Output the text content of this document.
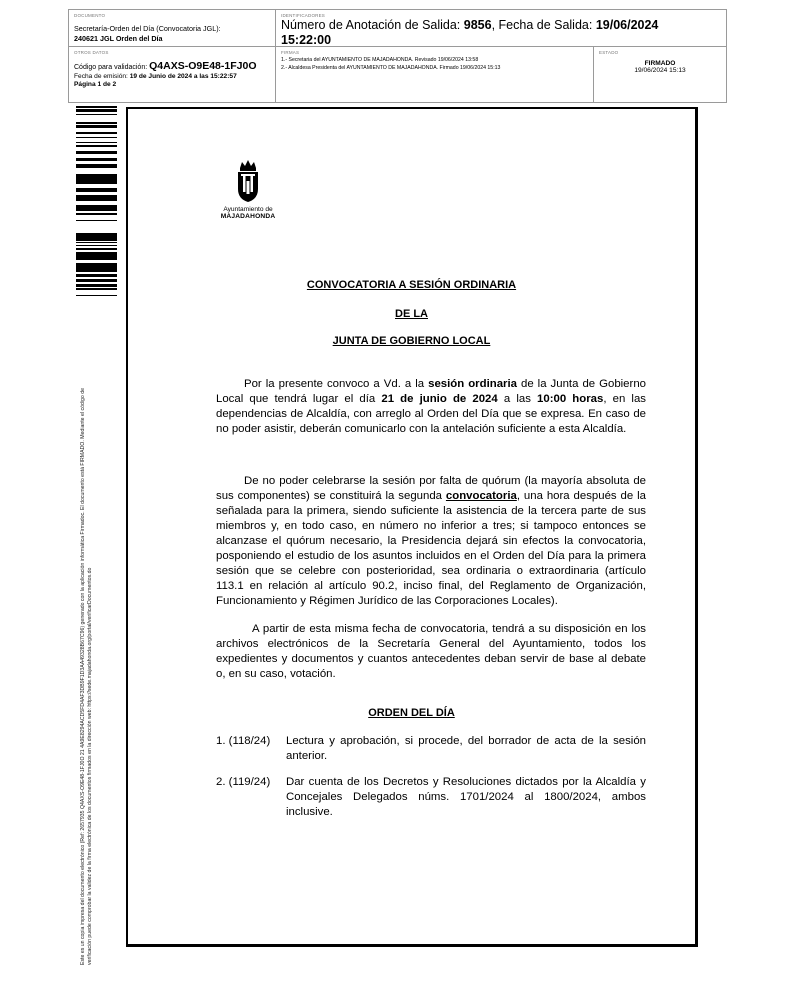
DOCUMENTO
Secretaría-Orden del Día (Convocatoria JGL):
240621 JGL Orden del Día
IDENTIFICADORES
Número de Anotación de Salida: 9856, Fecha de Salida: 19/06/2024
15:22:00
OTROS DATOS
Código para validación: Q4AXS-O9E48-1FJ0O
Fecha de emisión: 19 de Junio de 2024 a las 15:22:57
Página 1 de 2
FIRMAS
1.- Secretaria del AYUNTAMIENTO DE MAJADAHONDA. Revisado 19/06/2024 13:58
2.- Alcaldesa Presidenta del AYUNTAMIENTO DE MAJADAHONDA. Firmado 19/06/2024 15:13
ESTADO
FIRMADO
19/06/2024 15:13
Este es un copia impresa del documento electrónico (Ref: 2657935 Q4AXS-O9E48-1FJ0O 21 4A9E8294ACD5FD4AF3DB9F1D3AA49328B67C96) generado con la aplicación informática Firmadoc. El documento está FIRMADO. Mediante el código de verificación puede comprobar la validez de la firma electrónica de los documentos firmados en la dirección web: https://sede.majadahonda.org/portal/verificarDocumentos.do
Ayuntamiento de
MAJADAHONDA
CONVOCATORIA A SESIÓN ORDINARIA
DE LA
JUNTA DE GOBIERNO LOCAL
Por la presente convoco a Vd. a la sesión ordinaria de la Junta de Gobierno Local que tendrá lugar el día 21 de junio de 2024 a las 10:00 horas, en las dependencias de Alcaldía, con arreglo al Orden del Día que se expresa. En caso de no poder asistir, deberán comunicarlo con la antelación suficiente a esta Alcaldía.
De no poder celebrarse la sesión por falta de quórum (la mayoría absoluta de sus componentes) se constituirá la segunda convocatoria, una hora después de la señalada para la primera, siendo suficiente la asistencia de la tercera parte de sus miembros y, en todo caso, en número no inferior a tres; si tampoco entonces se alcanzase el quórum necesario, la Presidencia dejará sin efectos la convocatoria, posponiendo el estudio de los asuntos incluidos en el Orden del Día para la primera sesión que se celebre con posterioridad, sea ordinaria o extraordinaria (artículo 113.1 en relación al artículo 90.2, inciso final, del Reglamento de Organización, Funcionamiento y Régimen Jurídico de las Corporaciones Locales).
A partir de esta misma fecha de convocatoria, tendrá a su disposición en los archivos electrónicos de la Secretaría General del Ayuntamiento, todos los expedientes y documentos y cuantos antecedentes deban servir de base al debate o, en su caso, votación.
ORDEN DEL DÍA
1. (118/24)	Lectura y aprobación, si procede, del borrador de acta de la sesión anterior.
2. (119/24)	Dar cuenta de los Decretos y Resoluciones dictados por la Alcaldía y Concejales Delegados núms. 1701/2024 al 1800/2024, ambos inclusive.
